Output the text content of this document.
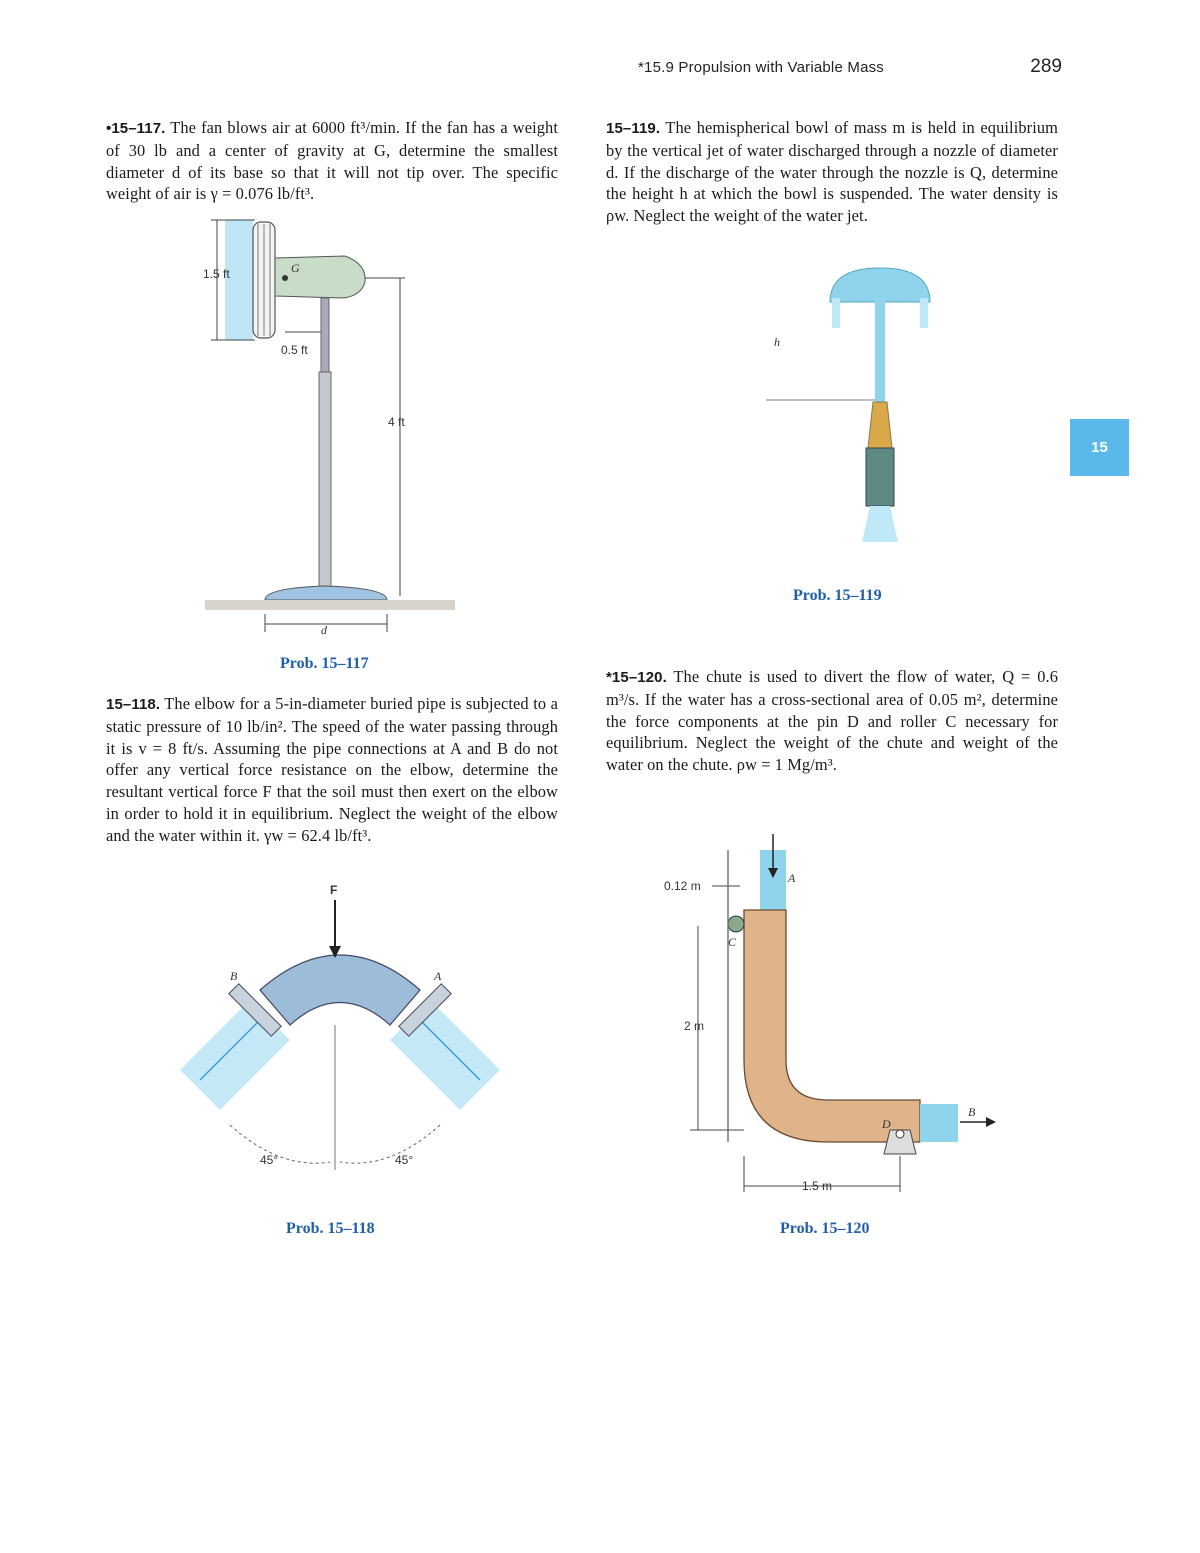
*15.9 Propulsion with Variable Mass	289
15
•15–117. The fan blows air at 6000 ft³/min. If the fan has a weight of 30 lb and a center of gravity at G, determine the smallest diameter d of its base so that it will not tip over. The specific weight of air is γ = 0.076 lb/ft³.
1.5 ft	G
0.5 ft
4 ft
d
Prob. 15–117
15–118. The elbow for a 5-in-diameter buried pipe is subjected to a static pressure of 10 lb/in². The speed of the water passing through it is v = 8 ft/s. Assuming the pipe connections at A and B do not offer any vertical force resistance on the elbow, determine the resultant vertical force F that the soil must then exert on the elbow in order to hold it in equilibrium. Neglect the weight of the elbow and the water within it. γw = 62.4 lb/ft³.
F
B	A
45°	45°
Prob. 15–118
15–119. The hemispherical bowl of mass m is held in equilibrium by the vertical jet of water discharged through a nozzle of diameter d. If the discharge of the water through the nozzle is Q, determine the height h at which the bowl is suspended. The water density is ρw. Neglect the weight of the water jet.
h
Prob. 15–119
*15–120. The chute is used to divert the flow of water, Q = 0.6 m³/s. If the water has a cross-sectional area of 0.05 m², determine the force components at the pin D and roller C necessary for equilibrium. Neglect the weight of the chute and weight of the water on the chute. ρw = 1 Mg/m³.
A
0.12 m
C
2 m
D
B
1.5 m
Prob. 15–120
